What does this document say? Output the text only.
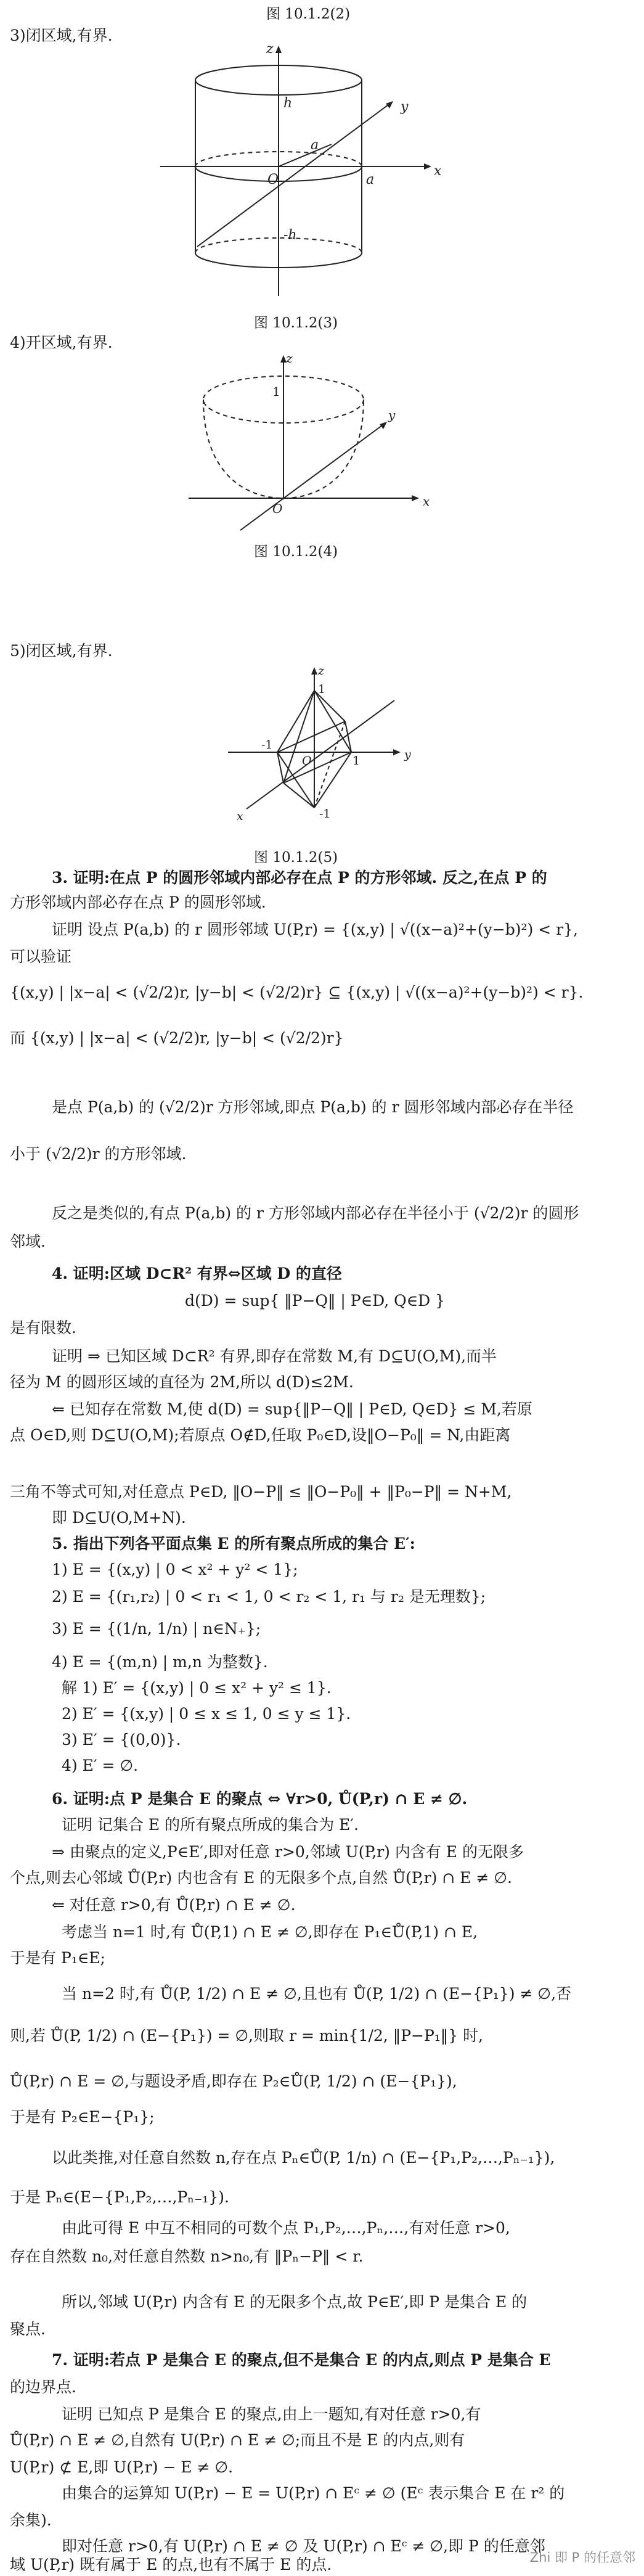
图 10.1.2(2)
3)闭区域,有界.
z
h	y
a
O	a
x
-h
图 10.1.2(3)
4)开区域,有界.
z
1
O	x
y
图 10.1.2(4)
5)闭区域,有界.
z
1
-1
O	1	y
-1
x
图 10.1.2(5)
3. 证明:在点 P 的圆形邻域内部必存在点 P 的方形邻域. 反之,在点 P 的
方形邻域内部必存在点 P 的圆形邻域.
证明 设点 P(a,b) 的 r 圆形邻域 U(P,r) = {(x,y) | √((x−a)²+(y−b)²) < r},
可以验证
{(x,y) | |x−a| < (√2/2)r, |y−b| < (√2/2)r} ⊆ {(x,y) | √((x−a)²+(y−b)²) < r}.
而 {(x,y) | |x−a| < (√2/2)r, |y−b| < (√2/2)r}
是点 P(a,b) 的 (√2/2)r 方形邻域,即点 P(a,b) 的 r 圆形邻域内部必存在半径
小于 (√2/2)r 的方形邻域.
反之是类似的,有点 P(a,b) 的 r 方形邻域内部必存在半径小于 (√2/2)r 的圆形
邻域.
4. 证明:区域 D⊂R² 有界⇔区域 D 的直径
d(D) = sup{ ‖P−Q‖ | P∈D, Q∈D }
是有限数.
证明 ⇒ 已知区域 D⊂R² 有界,即存在常数 M,有 D⊆U(O,M),而半
径为 M 的圆形区域的直径为 2M,所以 d(D)≤2M.
⇐ 已知存在常数 M,使 d(D) = sup{‖P−Q‖ | P∈D, Q∈D} ≤ M,若原
点 O∈D,则 D⊆U(O,M);若原点 O∉D,任取 P₀∈D,设‖O−P₀‖ = N,由距离
三角不等式可知,对任意点 P∈D, ‖O−P‖ ≤ ‖O−P₀‖ + ‖P₀−P‖ = N+M,
即 D⊆U(O,M+N).
5. 指出下列各平面点集 E 的所有聚点所成的集合 E′:
1) E = {(x,y) | 0 < x² + y² < 1};
2) E = {(r₁,r₂) | 0 < r₁ < 1, 0 < r₂ < 1, r₁ 与 r₂ 是无理数};
3) E = {(1/n, 1/n) | n∈N₊};
4) E = {(m,n) | m,n 为整数}.
解 1) E′ = {(x,y) | 0 ≤ x² + y² ≤ 1}.
2) E′ = {(x,y) | 0 ≤ x ≤ 1, 0 ≤ y ≤ 1}.
3) E′ = {(0,0)}.
4) E′ = ∅.
6. 证明:点 P 是集合 E 的聚点 ⇔ ∀r>0, Ů(P,r) ∩ E ≠ ∅.
证明 记集合 E 的所有聚点所成的集合为 E′.
⇒ 由聚点的定义,P∈E′,即对任意 r>0,邻域 U(P,r) 内含有 E 的无限多
个点,则去心邻域 Ů(P,r) 内也含有 E 的无限多个点,自然 Ů(P,r) ∩ E ≠ ∅.
⇐ 对任意 r>0,有 Ů(P,r) ∩ E ≠ ∅.
考虑当 n=1 时,有 Ů(P,1) ∩ E ≠ ∅,即存在 P₁∈Ů(P,1) ∩ E,
于是有 P₁∈E;
当 n=2 时,有 Ů(P, 1/2) ∩ E ≠ ∅,且也有 Ů(P, 1/2) ∩ (E−{P₁}) ≠ ∅,否
则,若 Ů(P, 1/2) ∩ (E−{P₁}) = ∅,则取 r = min{1/2, ‖P−P₁‖} 时,
Ů(P,r) ∩ E = ∅,与题设矛盾,即存在 P₂∈Ů(P, 1/2) ∩ (E−{P₁}),
于是有 P₂∈E−{P₁};
以此类推,对任意自然数 n,存在点 Pₙ∈Ů(P, 1/n) ∩ (E−{P₁,P₂,…,Pₙ₋₁}),
于是 Pₙ∈(E−{P₁,P₂,…,Pₙ₋₁}).
由此可得 E 中互不相同的可数个点 P₁,P₂,…,Pₙ,…,有对任意 r>0,
存在自然数 n₀,对任意自然数 n>n₀,有 ‖Pₙ−P‖ < r.
所以,邻域 U(P,r) 内含有 E 的无限多个点,故 P∈E′,即 P 是集合 E 的
聚点.
7. 证明:若点 P 是集合 E 的聚点,但不是集合 E 的内点,则点 P 是集合 E
的边界点.
证明 已知点 P 是集合 E 的聚点,由上一题知,有对任意 r>0,有
Ů(P,r) ∩ E ≠ ∅,自然有 U(P,r) ∩ E ≠ ∅;而且不是 E 的内点,则有
U(P,r) ⊄ E,即 U(P,r) − E ≠ ∅.
由集合的运算知 U(P,r) − E = U(P,r) ∩ Eᶜ ≠ ∅ (Eᶜ 表示集合 E 在 r² 的
余集).
即对任意 r>0,有 U(P,r) ∩ E ≠ ∅ 及 U(P,r) ∩ Eᶜ ≠ ∅,即 P 的任意邻
域 U(P,r) 既有属于 E 的点,也有不属于 E 的点.	Zhi 即 P 的任意邻
